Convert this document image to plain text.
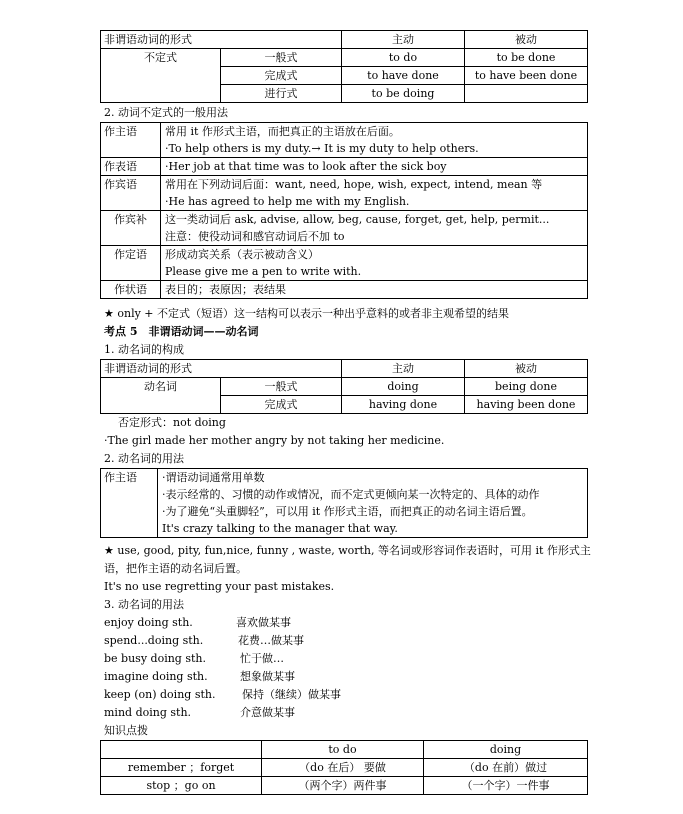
非谓语动词的形式		主动	被动
不定式	一般式	to do	to be done
	完成式	to have done	to have been done
	进行式	to be doing	
2. 动词不定式的一般用法
作主语	常用 it 作形式主语，而把真正的主语放在后面。
	·To help others is my duty.→ It is my duty to help others.
作表语	·Her job at that time was to look after the sick boy
作宾语	常用在下列动词后面：want, need, hope, wish, expect, intend, mean 等
	·He has agreed to help me with my English.
作宾补	这一类动词后 ask, advise, allow, beg, cause, forget, get, help, permit...
	注意：使役动词和感官动词后不加 to
作定语	形成动宾关系（表示被动含义）
	Please give me a pen to write with.
作状语	表目的；表原因；表结果
★ only + 不定式（短语）这一结构可以表示一种出乎意料的或者非主观希望的结果
考点 5　非谓语动词——动名词
1. 动名词的构成
非谓语动词的形式		主动	被动
动名词	一般式	doing	being done
	完成式	having done	having been done
否定形式：not doing
·The girl made her mother angry by not taking her medicine.
2. 动名词的用法
作主语	·谓语动词通常用单数
·表示经常的、习惯的动作或情况，而不定式更倾向某一次特定的、具体的动作
·为了避免“头重脚轻”，可以用 it 作形式主语，而把真正的动名词主语后置。
It's crazy talking to the manager that way.
★ use, good, pity, fun,nice, funny , waste, worth, 等名词或形容词作表语时，可用 it 作形式主
语，把作主语的动名词后置。
It's no use regretting your past mistakes.
3. 动名词的用法
enjoy doing sth.	喜欢做某事
spend...doing sth.	花费…做某事
be busy doing sth.	忙于做…
imagine doing sth.	想象做某事
keep (on) doing sth. 保持（继续）做某事
mind doing sth.	介意做某事
知识点拨
	to do	doing
remember ；forget	（do 在后） 要做	（do 在前）做过
stop ；go on	（两个字）两件事	（一个字）一件事
